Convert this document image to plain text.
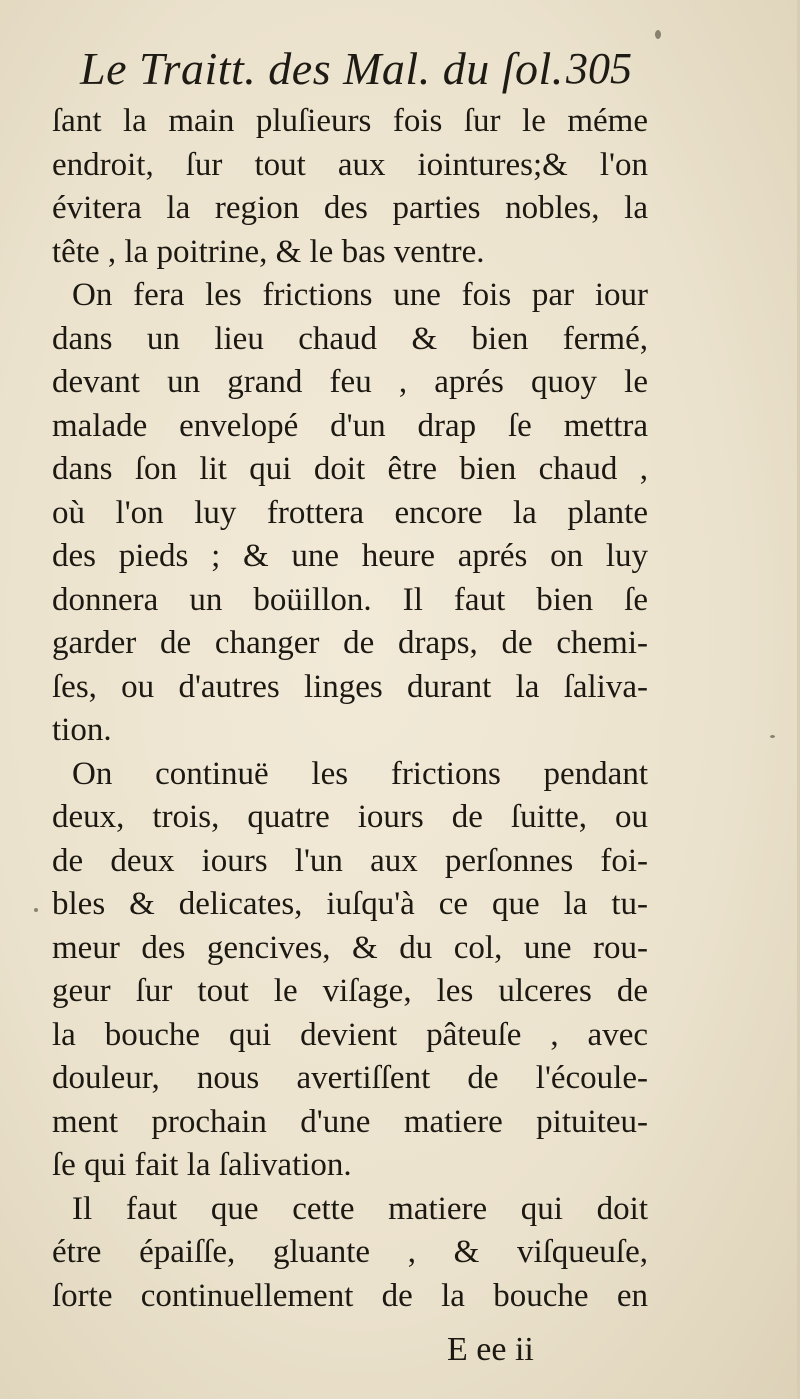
Le Traitt. des Mal. du ſol. 305
ſant la main pluſieurs fois ſur le méme
endroit, ſur tout aux iointures;& l'on
évitera la region des parties nobles, la
tête , la poitrine, & le bas ventre.
On fera les frictions une fois par iour
dans un lieu chaud & bien fermé,
devant un grand feu , aprés quoy le
malade envelopé d'un drap ſe mettra
dans ſon lit qui doit être bien chaud ,
où l'on luy frottera encore la plante
des pieds ; & une heure aprés on luy
donnera un boüillon. Il faut bien ſe
garder de changer de draps, de chemi-
ſes, ou d'autres linges durant la ſaliva-
tion.
On continuë les frictions pendant
deux, trois, quatre iours de ſuitte, ou
de deux iours l'un aux perſonnes foi-
bles & delicates, iuſqu'à ce que la tu-
meur des gencives, & du col, une rou-
geur ſur tout le viſage, les ulceres de
la bouche qui devient pâteuſe , avec
douleur, nous avertiſſent de l'écoule-
ment prochain d'une matiere pituiteu-
ſe qui fait la ſalivation.
Il faut que cette matiere qui doit
étre épaiſſe, gluante , & viſqueuſe,
ſorte continuellement de la bouche en
E ee ii
